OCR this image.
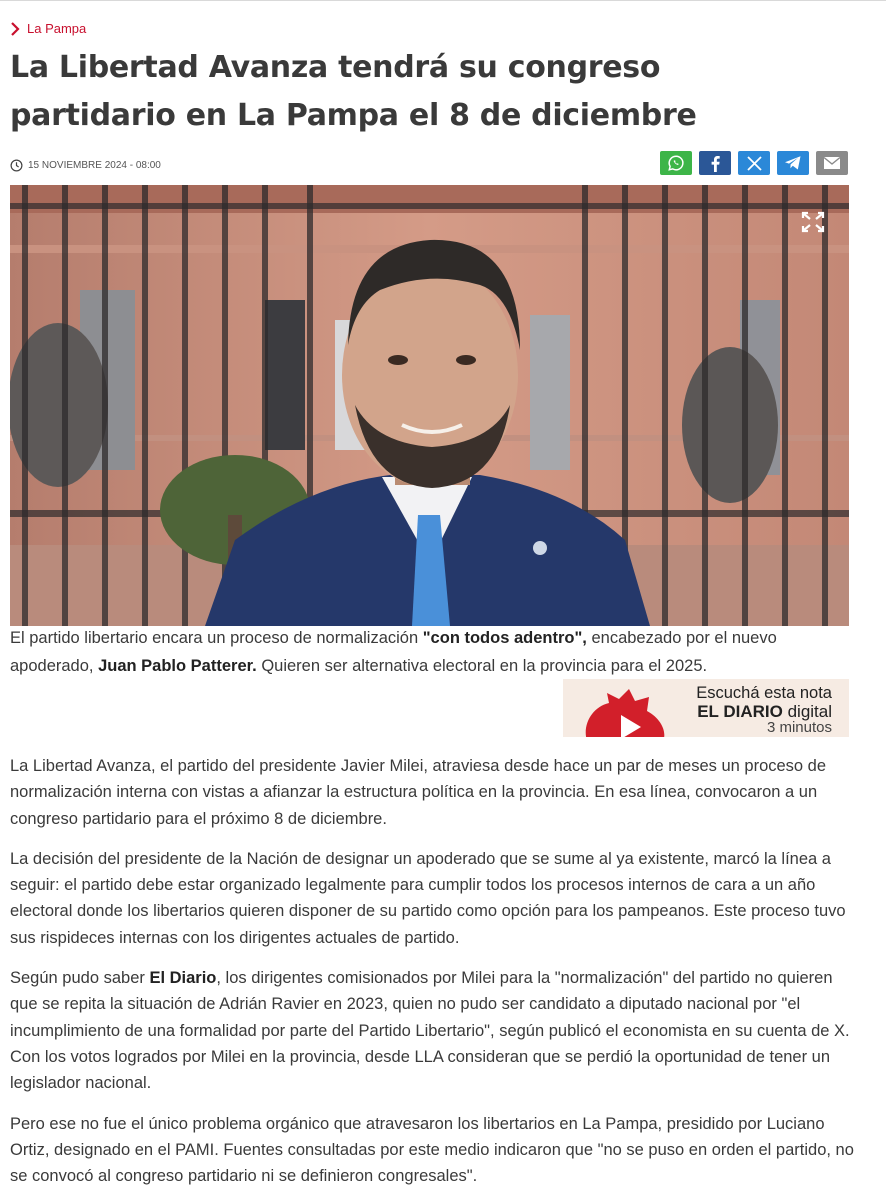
La Pampa
La Libertad Avanza tendrá su congreso partidario en La Pampa el 8 de diciembre
15 NOVIEMBRE 2024 - 08:00

El partido libertario encara un proceso de normalización "con todos adentro", encabezado por el nuevo apoderado, Juan Pablo Patterer. Quieren ser alternativa electoral en la provincia para el 2025.

Escuchá esta nota
EL DIARIO digital
3 minutos

La Libertad Avanza, el partido del presidente Javier Milei, atraviesa desde hace un par de meses un proceso de normalización interna con vistas a afianzar la estructura política en la provincia. En esa línea, convocaron a un congreso partidario para el próximo 8 de diciembre.

La decisión del presidente de la Nación de designar un apoderado que se sume al ya existente, marcó la línea a seguir: el partido debe estar organizado legalmente para cumplir todos los procesos internos de cara a un año electoral donde los libertarios quieren disponer de su partido como opción para los pampeanos. Este proceso tuvo sus rispideces internas con los dirigentes actuales de partido.

Según pudo saber El Diario, los dirigentes comisionados por Milei para la "normalización" del partido no quieren que se repita la situación de Adrián Ravier en 2023, quien no pudo ser candidato a diputado nacional por "el incumplimiento de una formalidad por parte del Partido Libertario", según publicó el economista en su cuenta de X. Con los votos logrados por Milei en la provincia, desde LLA consideran que se perdió la oportunidad de tener un legislador nacional.

Pero ese no fue el único problema orgánico que atravesaron los libertarios en La Pampa, presidido por Luciano Ortiz, designado en el PAMI. Fuentes consultadas por este medio indicaron que "no se puso en orden el partido, no se convocó al congreso partidario ni se definieron congresales".
